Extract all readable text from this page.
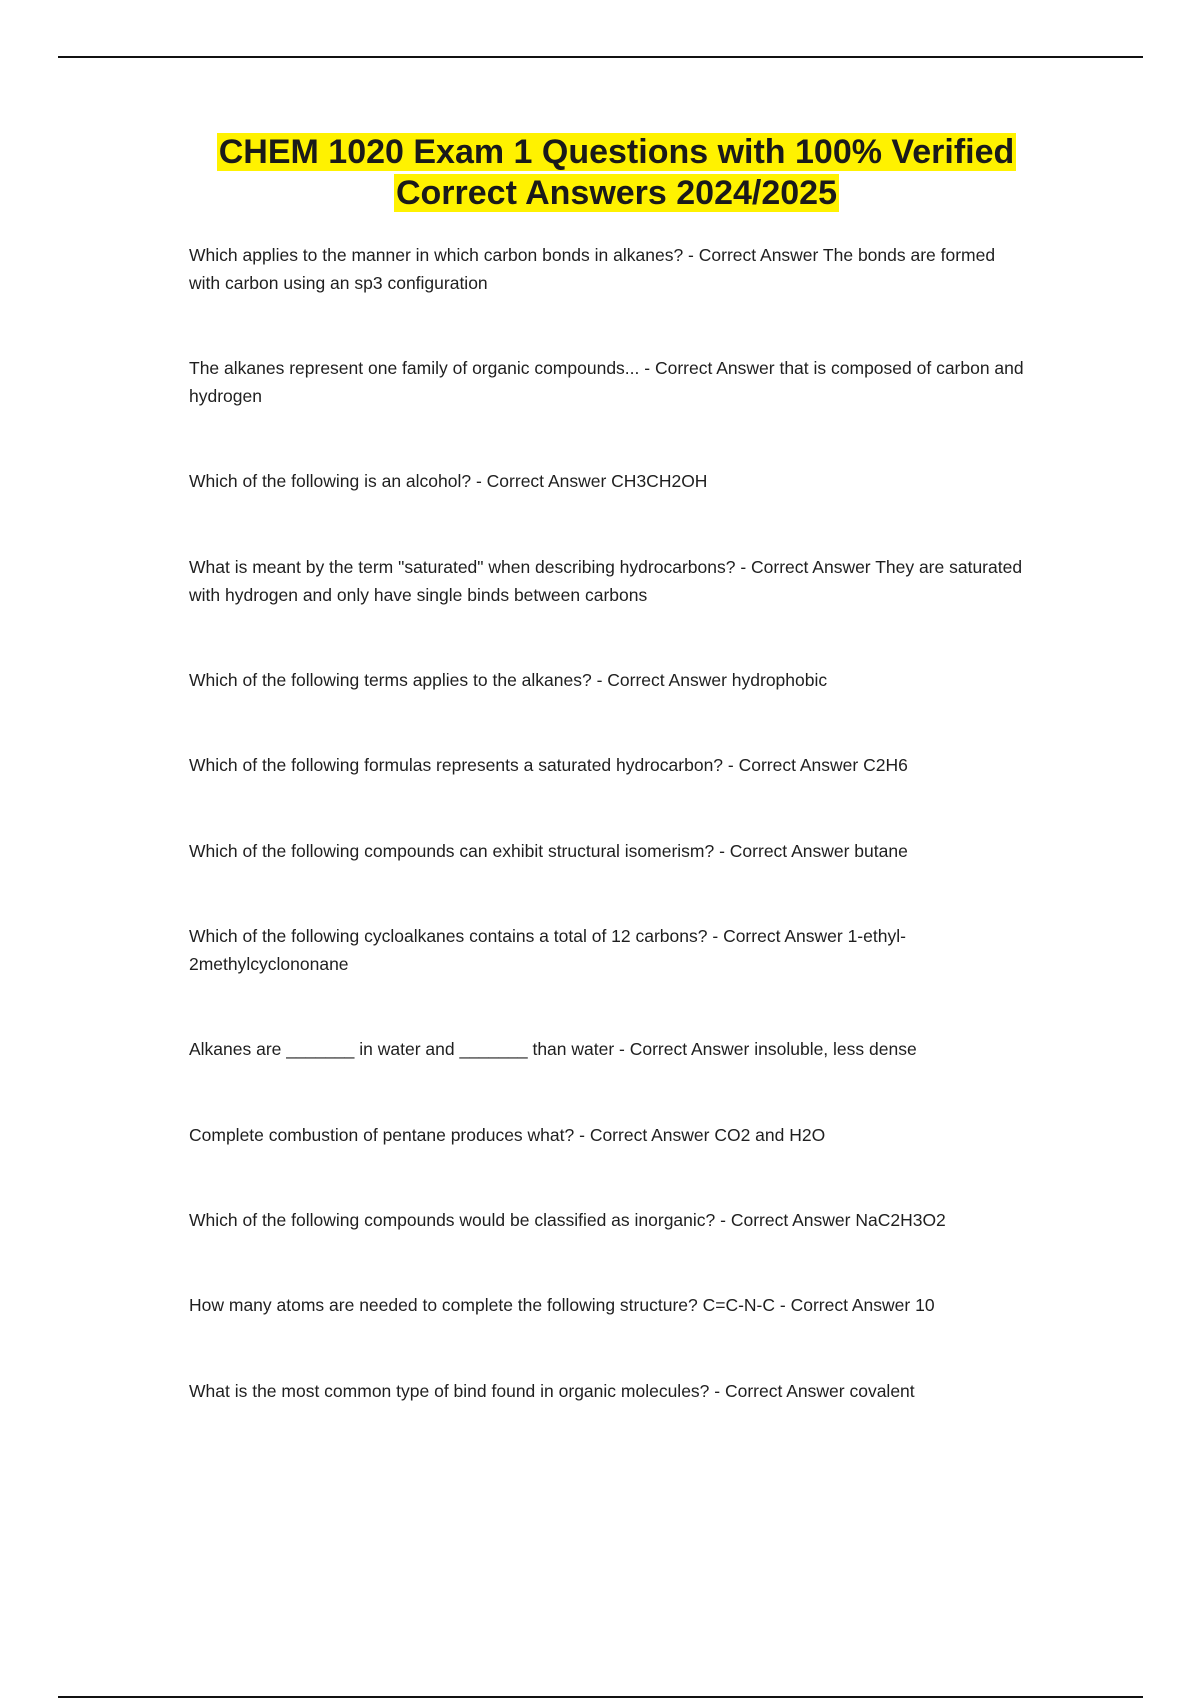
CHEM 1020 Exam 1 Questions with 100% Verified
Correct Answers 2024/2025
Which applies to the manner in which carbon bonds in alkanes? - Correct Answer The bonds are formed with carbon using an sp3 configuration
The alkanes represent one family of organic compounds... - Correct Answer that is composed of carbon and hydrogen
Which of the following is an alcohol? - Correct Answer CH3CH2OH
What is meant by the term "saturated" when describing hydrocarbons? - Correct Answer They are saturated with hydrogen and only have single binds between carbons
Which of the following terms applies to the alkanes? - Correct Answer hydrophobic
Which of the following formulas represents a saturated hydrocarbon? - Correct Answer C2H6
Which of the following compounds can exhibit structural isomerism? - Correct Answer butane
Which of the following cycloalkanes contains a total of 12 carbons? - Correct Answer 1-ethyl-2methylcyclononane
Alkanes are _______ in water and _______ than water - Correct Answer insoluble, less dense
Complete combustion of pentane produces what? - Correct Answer CO2 and H2O
Which of the following compounds would be classified as inorganic? - Correct Answer NaC2H3O2
How many atoms are needed to complete the following structure? C=C-N-C - Correct Answer 10
What is the most common type of bind found in organic molecules? - Correct Answer covalent
